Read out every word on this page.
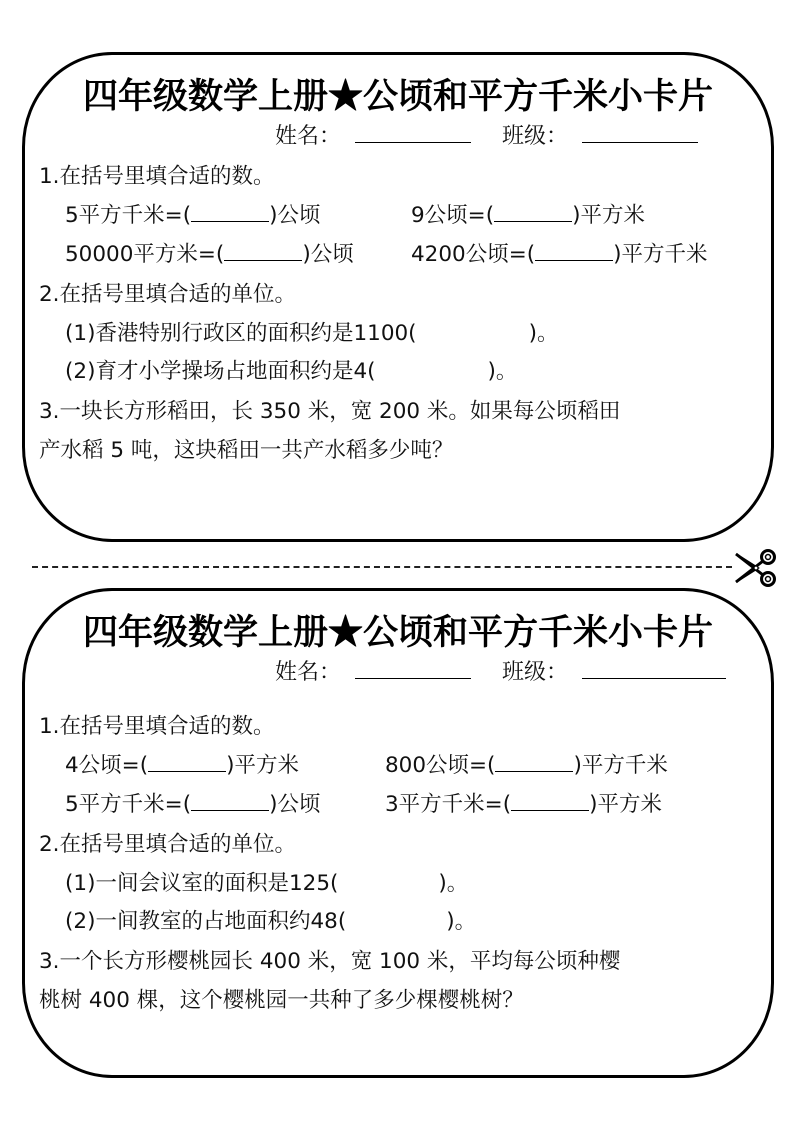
四年级数学上册★公顷和平方千米小卡片
姓名：	班级：
1.在括号里填合适的数。
5平方千米=(	)公顷	9公顷=(	)平方米
50000平方米=(	)公顷	4200公顷=(	)平方千米
2.在括号里填合适的单位。
(1)香港特别行政区的面积约是1100(	)。
(2)育才小学操场占地面积约是4(	)。
3.一块长方形稻田，长 350 米，宽 200 米。如果每公顷稻田
产水稻 5 吨，这块稻田一共产水稻多少吨？
四年级数学上册★公顷和平方千米小卡片
姓名：	班级：
1.在括号里填合适的数。
4公顷=(	)平方米	800公顷=(	)平方千米
5平方千米=(	)公顷	3平方千米=(	)平方米
2.在括号里填合适的单位。
(1)一间会议室的面积是125(	)。
(2)一间教室的占地面积约48(	)。
3.一个长方形樱桃园长 400 米，宽 100 米，平均每公顷种樱
桃树 400 棵，这个樱桃园一共种了多少棵樱桃树？
